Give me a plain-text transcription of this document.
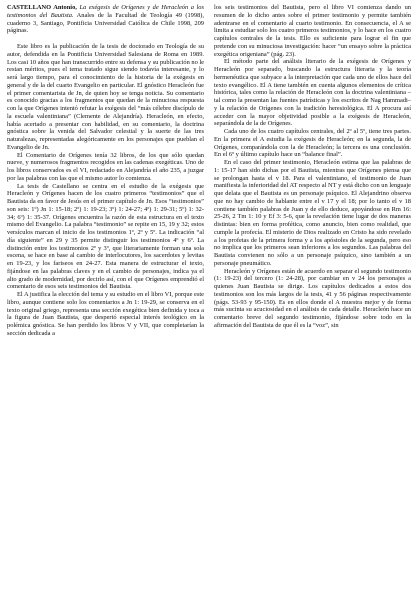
CASTELLANO Antonio, La exégesis de Orígenes y de Heracleón a los testimonios del Bautista. Anales de la Facultad de Teología 49 (1998), cuaderno 3, Santiago, Pontificia Universidad Católica de Chile 1998, 209 páginas.

Este libro es la publicación de la tesis de doctorado en Teología de su autor, defendida en la Pontificia Universidad Salesiana de Roma en 1989. Los casi 10 años que han transcurrido entre su defensa y su publicación no le restan méritos, pues el tema tratado sigue siendo todavía interesante, y lo será largo tiempo, para el conocimiento de la historia de la exégesis en general y de la del cuarto Evangelio en particular. El gnóstico Heracleón fue el primer comentarista de Jn, de quien hoy se tenga noticia. Su comentario es conocido gracias a los fragmentos que quedan de la minuciosa respuesta con la que Orígenes intentó refutar la exégesis del “más célebre discípulo de la escuela valentiniana” (Clemente de Alejandría). Heracleón, en efecto, había acertado a presentar con habilidad, en su comentario, la doctrina gnóstica sobre la venida del Salvador celestial y la suerte de las tres naturalezas, representadas alegóricamente en los personajes que pueblan el Evangelio de Jn.

El Comentario de Orígenes tenía 32 libros, de los que sólo quedan nueve, y numerosos fragmentos recogidos en las cadenas exegéticas. Uno de los libros conservados es el VI, redactado en Alejandría el año 235, a juzgar por las palabras con las que el mismo autor lo comienza.

La tesis de Castellano se centra en el estudio de la exégesis que Heracleón y Orígenes hacen de los cuatro primeros “testimonios” que el Bautista da en favor de Jesús en el primer capítulo de Jn. Esos “testimonios” son seis: 1º) Jn 1: 15-18; 2º) 1: 19-23; 3º) 1: 24-27; 4º) 1: 29-31; 5º) 1: 32-34; 6º) 1: 35-37. Orígenes encuentra la razón de esta estructura en el texto mismo del Evangelio. La palabra “testimonio” se repite en 15, 19 y 32; estos versículos marcan el inicio de los testimonios 1º, 2º y 5º. La indicación “al día siguiente” en 29 y 35 permite distinguir los testimonios 4º y 6º. La distinción entre los testimonios 2º y 3º, que literariamente forman una sola escena, se hace en base al cambio de interlocutores, los sacerdotes y levitas en 19-23, y los fariseos en 24-27. Esta manera de estructurar el texto, fijándose en las palabras claves y en el cambio de personajes, indica ya el alto grado de modernidad, por decirlo así, con el que Orígenes emprendió el comentario de esos seis testimonios del Bautista.

El A justifica la elección del tema y su estudio en el libro VI, porque este libro, aunque contiene solo los comentarios a Jn 1: 19-29, se conserva en el texto original griego, representa una sección exegética bien definida y toca a la figura de Juan Bautista, que despertó especial interés teológico en la polémica gnóstica. Se han perdido los libros V y VII, que completarían la sección dedicada a

los seis testimonios del Bautista, pero el libro VI comienza dando un resumen de lo dicho antes sobre el primer testimonio y permite también adentrarse en el comentario al cuarto testimonio. En consecuencia, el A se limita a estudiar solo los cuatro primeros testimonios, y lo hace en los cuatro capítulos centrales de la tesis. Ello es suficiente para lograr el fin que pretende con su minuciosa investigación: hacer “un ensayo sobre la práctica exegética origeniana” (pág. 23).

El método parte del análisis literario de la exégesis de Orígenes y Heracleón por separado, buscando la estructura literaria y la teoría hermenéutica que subyace a la interpretación que cada uno de ellos hace del texto evangélico. El A tiene también en cuenta algunos elementos de crítica histórica, tales como la relación de Heracleón con la doctrina valentiniana –tal como la presentan las fuentes patrísticas y los escritos de Nag Hammadi– y la relación de Orígenes con la tradición heresiológica. El A procura así acceder con la mayor objetividad posible a la exégesis de Heracleón, separándola de la de Orígenes.

Cada uno de los cuatro capítulos centrales, del 2º al 5º, tiene tres partes. En la primera el A estudia la exégesis de Heracleón; en la segunda, la de Orígenes, comparándola con la de Heracleón; la tercera es una conclusión. En el 6º y último capítulo hace un “balance final”.

En el caso del primer testimonio, Heracleón estima que las palabras de 1: 15-17 han sido dichas por el Bautista, mientras que Orígenes piensa que se prolongan hasta el v 18. Para el valentiniano, el testimonio de Juan manifiesta la inferioridad del AT respecto al NT y está dicho con un lenguaje que delata que el Bautista es un personaje psíquico. El Alejandrino observa que no hay cambio de hablante entre el v 17 y el 18; por lo tanto el v 18 contiene también palabras de Juan y de ello deduce, apoyándose en Rm 16: 25-26, 2 Tm 1: 10 y Ef 3: 5-6, que la revelación tiene lugar de dos maneras distintas: bien en forma profética, como anuncio, bien como realidad, que cumple la profecía. El misterio de Dios realizado en Cristo ha sido revelado a los profetas de la primera forma y a los apóstoles de la segunda, pero eso no implica que los primeros sean inferiores a los segundos. Las palabras del Bautista convienen no sólo a un personaje psíquico, sino también a un personaje pneumático.

Heracleón y Orígenes están de acuerdo en separar el segundo testimonio (1: 19-23) del tercero (1: 24-28), por cambiar en v 24 los personajes a quienes Juan Bautista se dirige. Los capítulos dedicados a estos dos testimonios son los más largos de la tesis, 41 y 56 páginas respectivamente (págs. 53-93 y 95-150). Es en ellos donde el A muestra mejor y de forma más sucinta su acuciosidad en el análisis de cada detalle. Heracleón hace un comentario breve del segundo testimonio, fijándose sobre todo en la afirmación del Bautista de que él es la “voz”, sin
